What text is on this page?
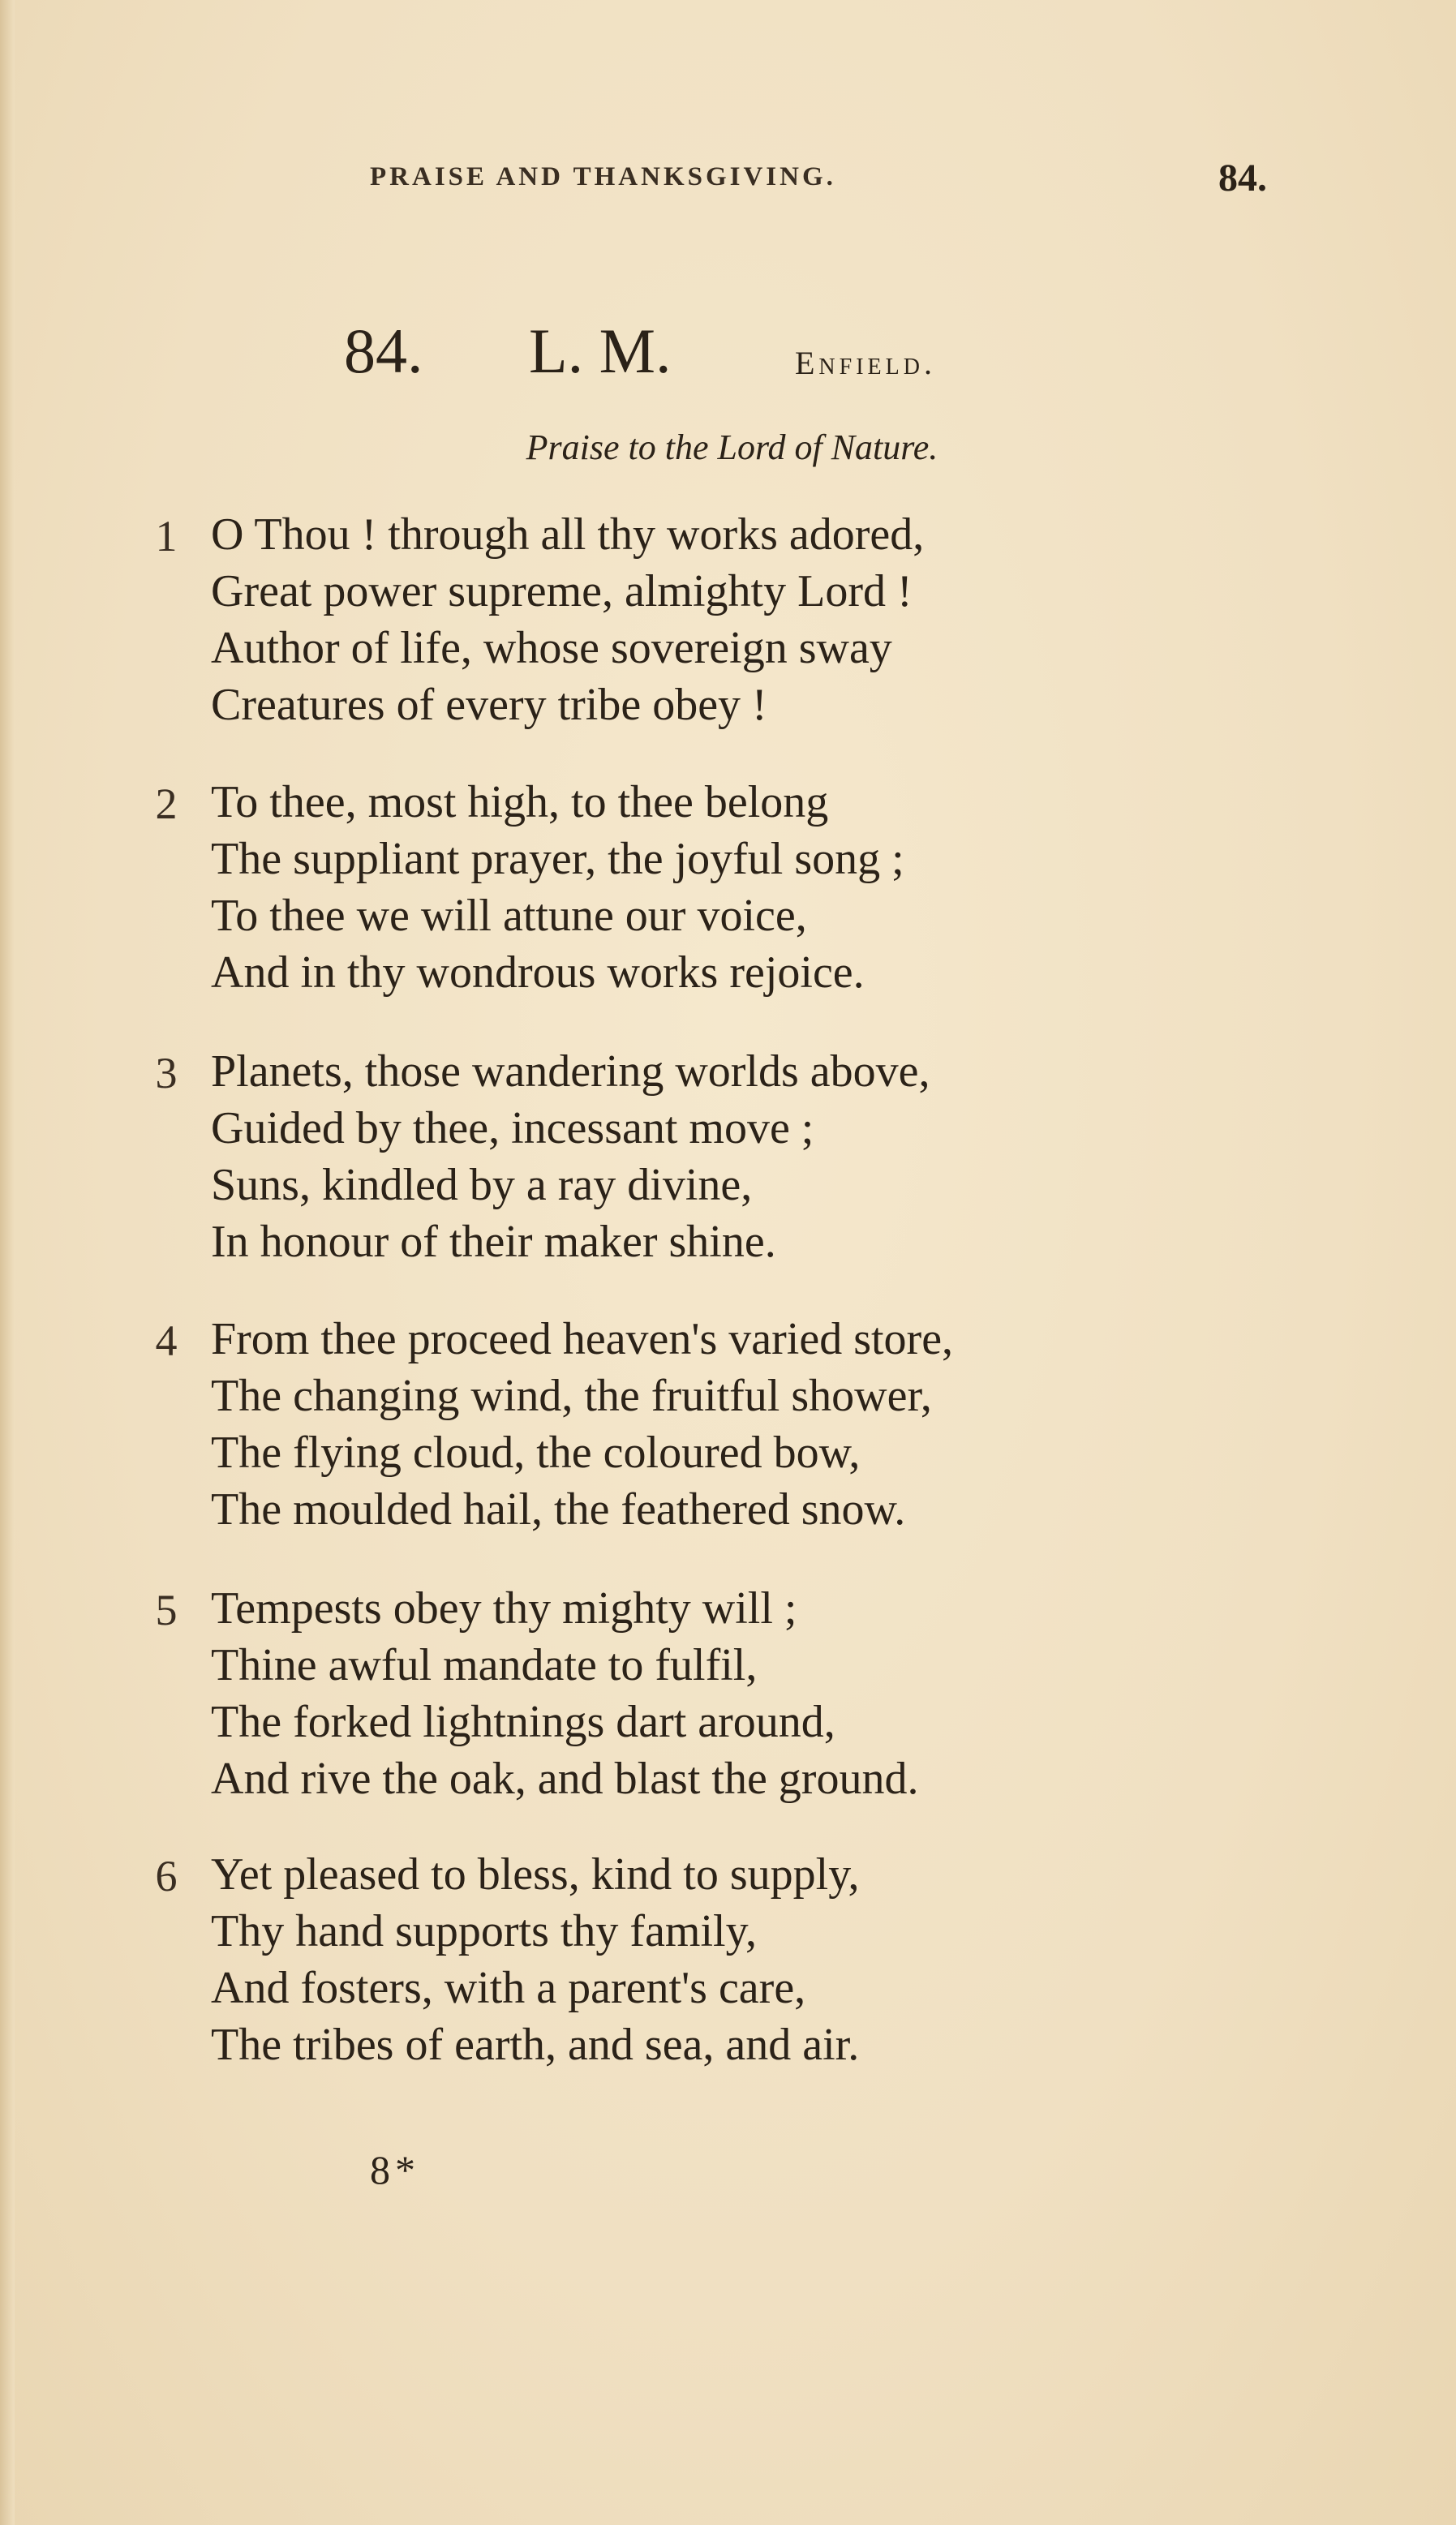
PRAISE AND THANKSGIVING.	84.
84. L. M.	Enfield.
Praise to the Lord of Nature.
1 O Thou ! through all thy works adored,
Great power supreme, almighty Lord !
Author of life, whose sovereign sway
Creatures of every tribe obey !
2 To thee, most high, to thee belong
The suppliant prayer, the joyful song ;
To thee we will attune our voice,
And in thy wondrous works rejoice.
3 Planets, those wandering worlds above,
Guided by thee, incessant move ;
Suns, kindled by a ray divine,
In honour of their maker shine.
4 From thee proceed heaven's varied store,
The changing wind, the fruitful shower,
The flying cloud, the coloured bow,
The moulded hail, the feathered snow.
5 Tempests obey thy mighty will ;
Thine awful mandate to fulfil,
The forked lightnings dart around,
And rive the oak, and blast the ground.
6 Yet pleased to bless, kind to supply,
Thy hand supports thy family,
And fosters, with a parent's care,
The tribes of earth, and sea, and air.
8*
